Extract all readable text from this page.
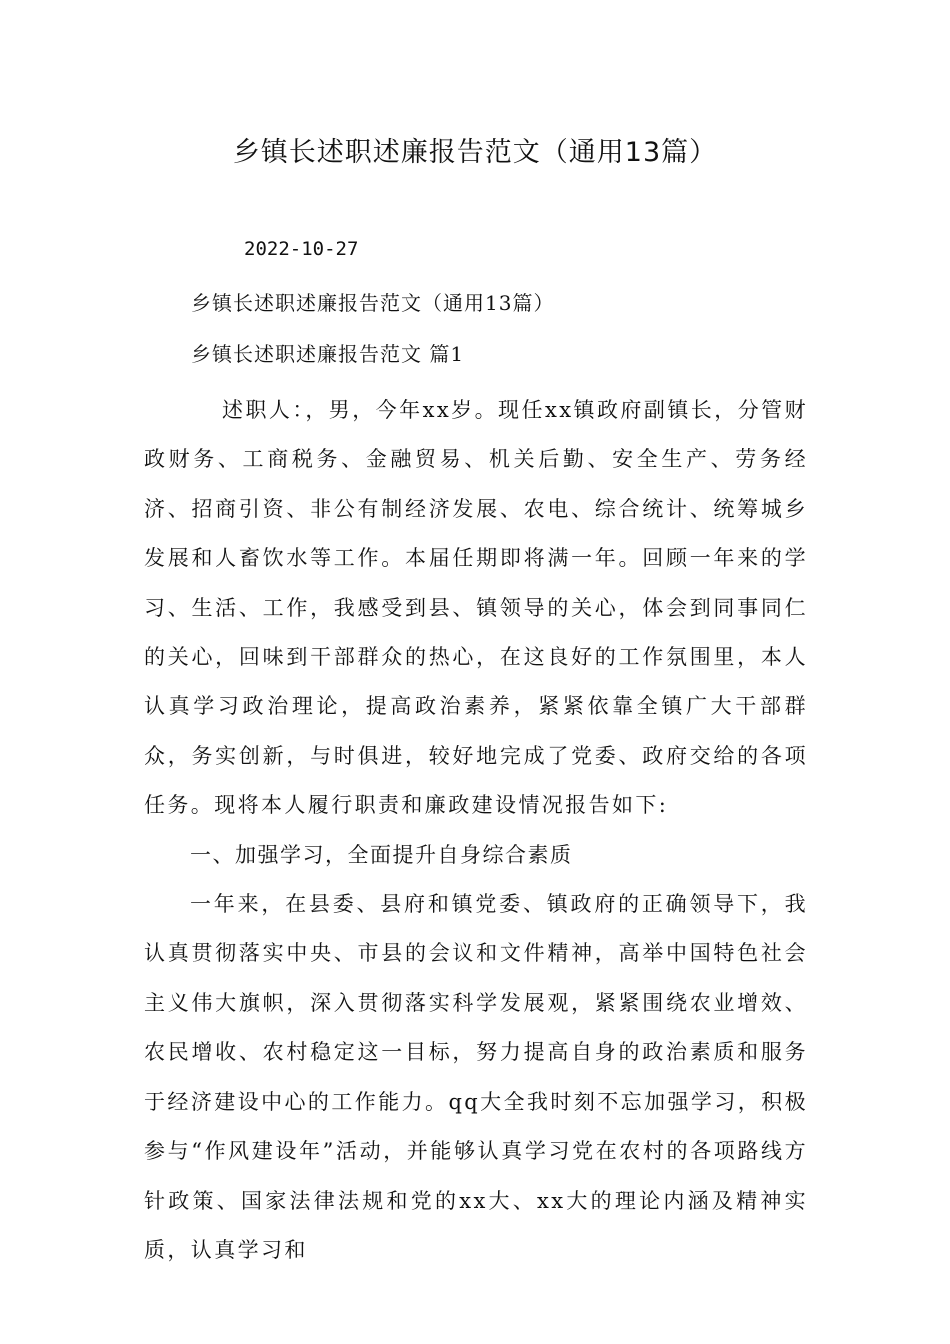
乡镇长述职述廉报告范文（通用13篇）
2022-10-27
乡镇长述职述廉报告范文（通用13篇）
乡镇长述职述廉报告范文 篇1

述职人：，男，今年xx岁。现任xx镇政府副镇长，分管财政财务、工商税务、金融贸易、机关后勤、安全生产、劳务经济、招商引资、非公有制经济发展、农电、综合统计、统筹城乡发展和人畜饮水等工作。本届任期即将满一年。回顾一年来的学习、生活、工作，我感受到县、镇领导的关心，体会到同事同仁的关心，回味到干部群众的热心，在这良好的工作氛围里，本人认真学习政治理论，提高政治素养，紧紧依靠全镇广大干部群众，务实创新，与时俱进，较好地完成了党委、政府交给的各项任务。现将本人履行职责和廉政建设情况报告如下:

一、加强学习，全面提升自身综合素质

一年来，在县委、县府和镇党委、镇政府的正确领导下，我认真贯彻落实中央、市县的会议和文件精神，高举中国特色社会主义伟大旗帜，深入贯彻落实科学发展观，紧紧围绕农业增效、农民增收、农村稳定这一目标，努力提高自身的政治素质和服务于经济建设中心的工作能力。qq大全我时刻不忘加强学习，积极参与“作风建设年”活动，并能够认真学习党在农村的各项路线方针政策、国家法律法规和党的xx大、xx大的理论内涵及精神实质，认真学习和
